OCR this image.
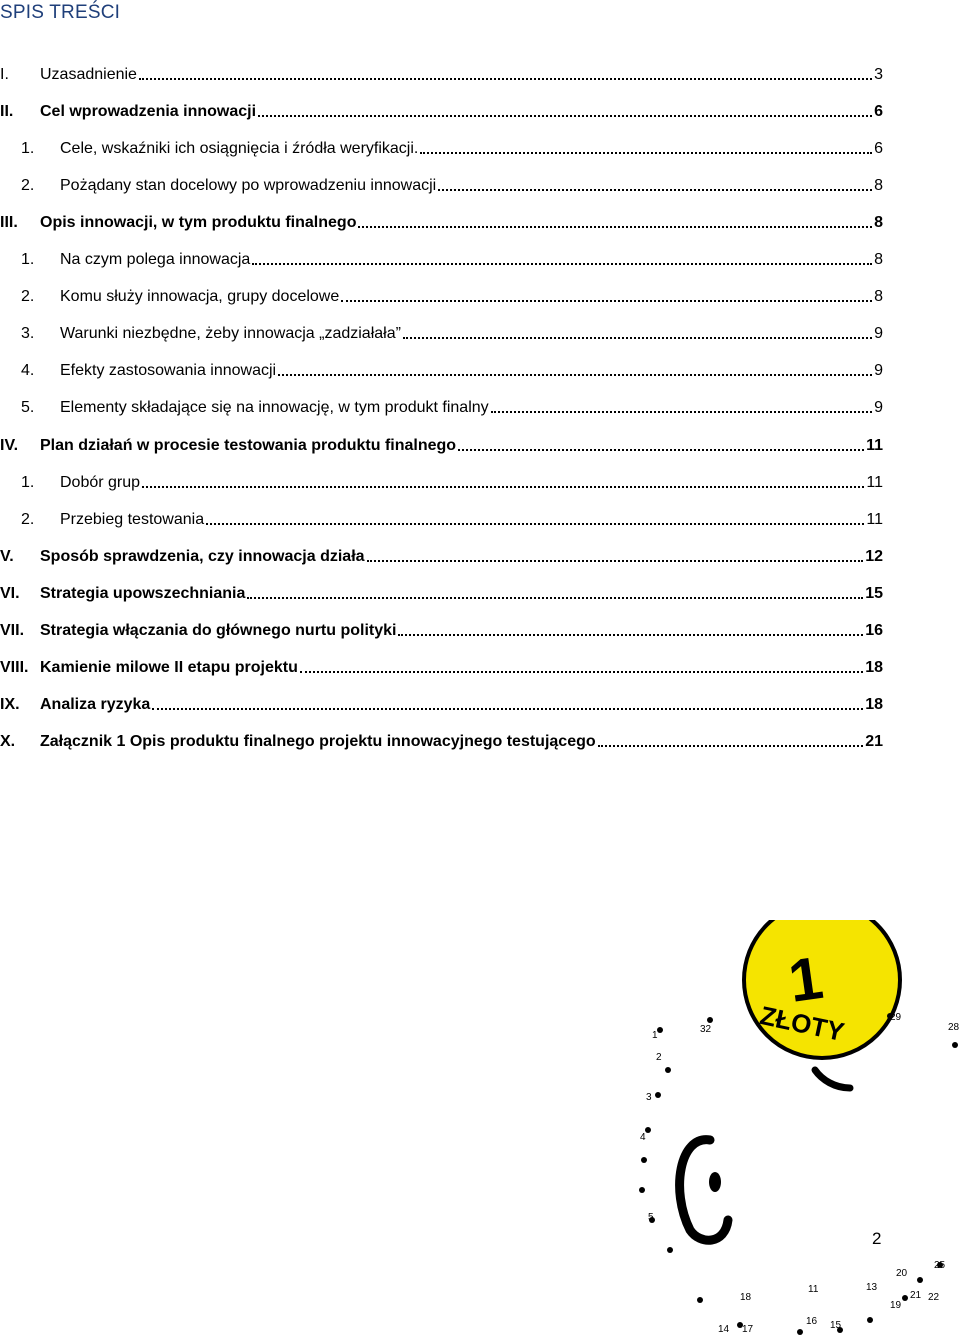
SPIS TREŚCI
I. Uzasadnienie	3
II. Cel wprowadzenia innowacji	6
1. Cele, wskaźniki ich osiągnięcia i źródła weryfikacji.	6
2. Pożądany stan docelowy po wprowadzeniu innowacji	8
III. Opis innowacji, w tym produktu finalnego	8
1. Na czym polega innowacja	8
2. Komu służy innowacja, grupy docelowe	8
3. Warunki niezbędne, żeby innowacja „zadziałała”	9
4. Efekty zastosowania innowacji	9
5. Elementy składające się na innowację, w tym produkt finalny	9
IV. Plan działań w procesie testowania produktu finalnego	11
1. Dobór grup	11
2. Przebieg testowania	11
V. Sposób sprawdzenia, czy innowacja działa	12
VI. Strategia upowszechniania	15
VII. Strategia włączania do głównego nurtu polityki	16
VIII. Kamienie milowe II etapu projektu	18
IX. Analiza ryzyka	18
X. Załącznik 1 Opis produktu finalnego projektu innowacyjnego testującego	21
2
1
ZŁOTY
32
1
2
3
4
5
29
28
20
25
21 22
13
11
19
18
17
16 15
14
